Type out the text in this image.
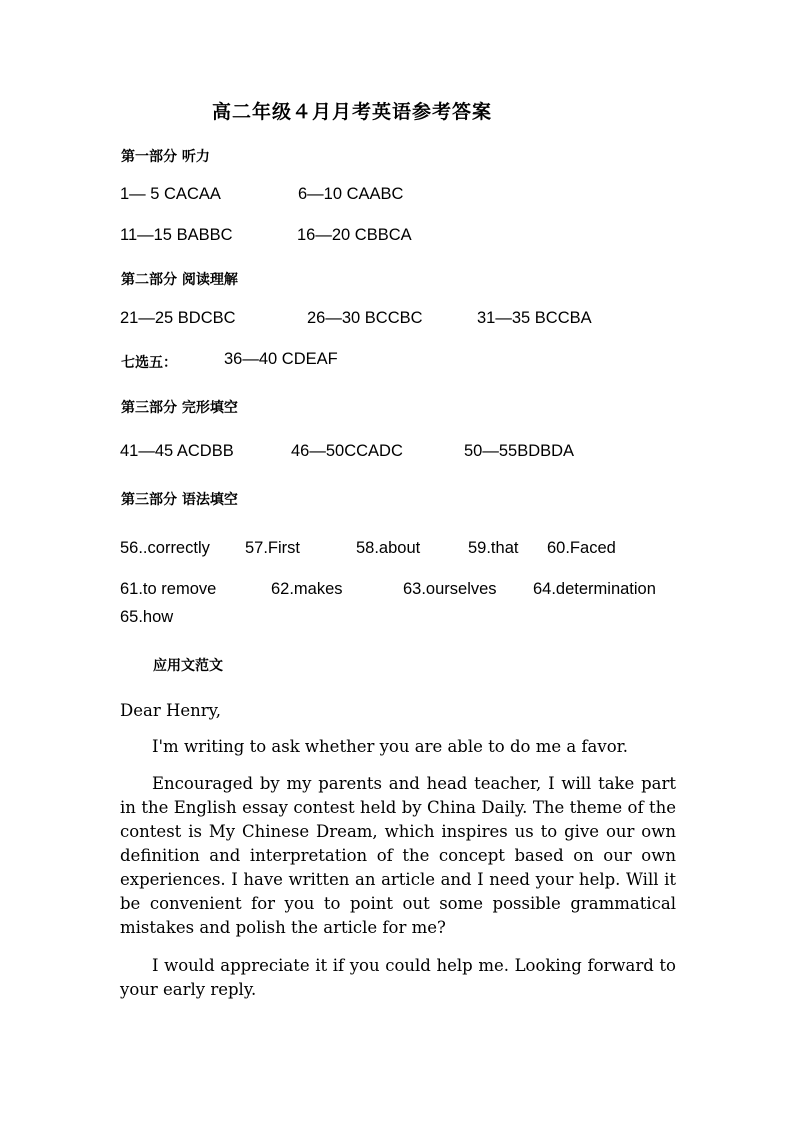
高二年级４月月考英语参考答案
第一部分 听力
1— 5 CACAA	6—10 CAABC
11—15 BABBC	16—20 CBBCA
第二部分 阅读理解
21—25 BDCBC	26—30 BCCBC	31—35 BCCBA
七选五：	36—40 CDEAF
第三部分 完形填空
41—45 ACDBB	46—50CCADC	50—55BDBDA
第三部分 语法填空
56..correctly 57.First	58.about	59.that 60.Faced
61.to remove	62.makes	63.ourselves 64.determination
65.how
应用文范文

Dear Henry,

I'm writing to ask whether you are able to do me a favor.

Encouraged by my parents and head teacher, I will take part in the English essay contest held by China Daily. The theme of the contest is My Chinese Dream, which inspires us to give our own definition and interpretation of the concept based on our own experiences. I have written an article and I need your help. Will it be convenient for you to point out some possible grammatical mistakes and polish the article for me?

I would appreciate it if you could help me. Looking forward to your early reply.
